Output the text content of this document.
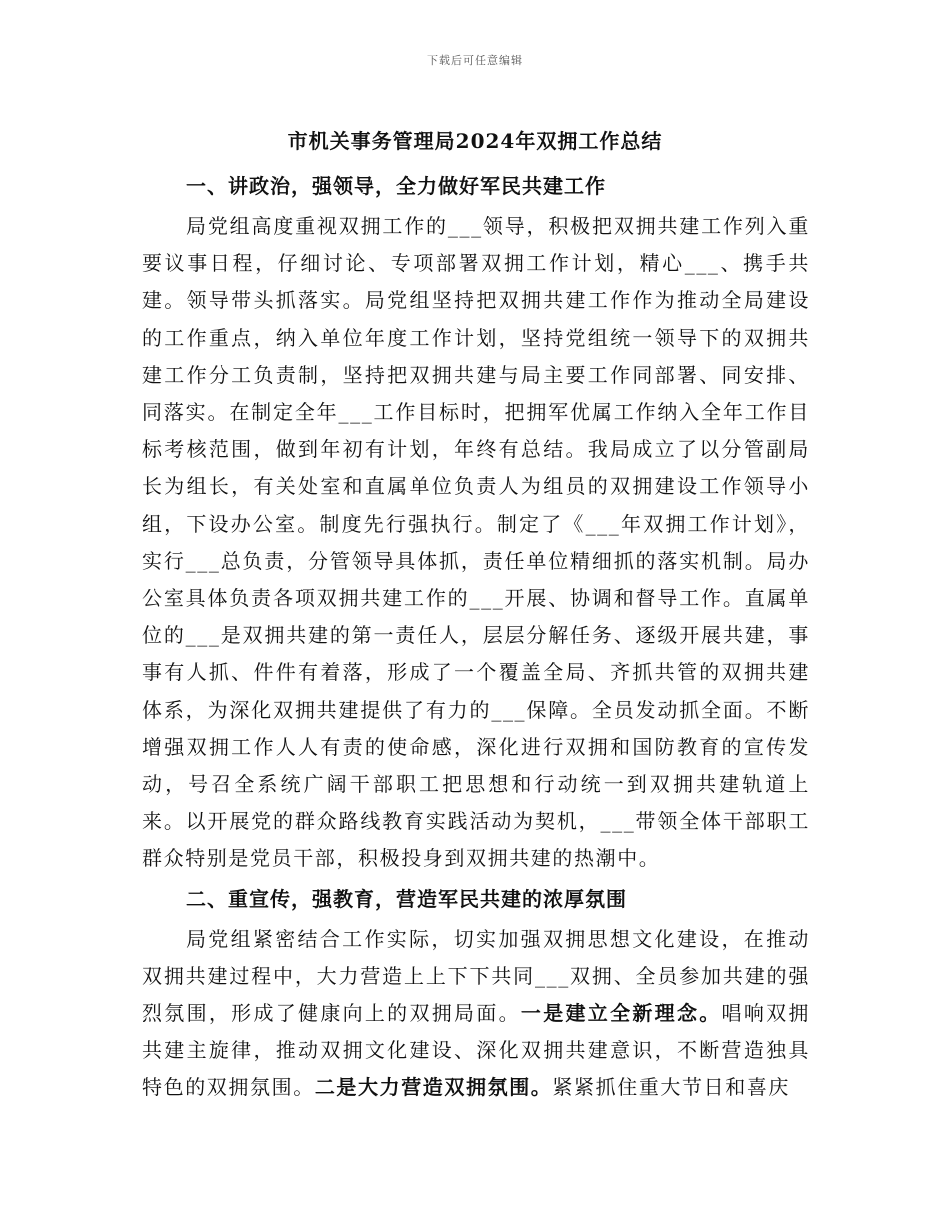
下载后可任意编辑
市机关事务管理局2024年双拥工作总结
一、讲政治，强领导，全力做好军民共建工作

局党组高度重视双拥工作的___领导，积极把双拥共建工作列入重要议事日程，仔细讨论、专项部署双拥工作计划，精心___、携手共建。领导带头抓落实。局党组坚持把双拥共建工作作为推动全局建设的工作重点，纳入单位年度工作计划，坚持党组统一领导下的双拥共建工作分工负责制，坚持把双拥共建与局主要工作同部署、同安排、同落实。在制定全年___工作目标时，把拥军优属工作纳入全年工作目标考核范围，做到年初有计划，年终有总结。我局成立了以分管副局长为组长，有关处室和直属单位负责人为组员的双拥建设工作领导小组，下设办公室。制度先行强执行。制定了《___年双拥工作计划》，实行___总负责，分管领导具体抓，责任单位精细抓的落实机制。局办公室具体负责各项双拥共建工作的___开展、协调和督导工作。直属单位的___是双拥共建的第一责任人，层层分解任务、逐级开展共建，事事有人抓、件件有着落，形成了一个覆盖全局、齐抓共管的双拥共建体系，为深化双拥共建提供了有力的___保障。全员发动抓全面。不断增强双拥工作人人有责的使命感，深化进行双拥和国防教育的宣传发动，号召全系统广阔干部职工把思想和行动统一到双拥共建轨道上来。以开展党的群众路线教育实践活动为契机，___带领全体干部职工群众特别是党员干部，积极投身到双拥共建的热潮中。

二、重宣传，强教育，营造军民共建的浓厚氛围

局党组紧密结合工作实际，切实加强双拥思想文化建设，在推动双拥共建过程中，大力营造上上下下共同___双拥、全员参加共建的强烈氛围，形成了健康向上的双拥局面。一是建立全新理念。唱响双拥共建主旋律，推动双拥文化建设、深化双拥共建意识，不断营造独具特色的双拥氛围。二是大力营造双拥氛围。紧紧抓住重大节日和喜庆
